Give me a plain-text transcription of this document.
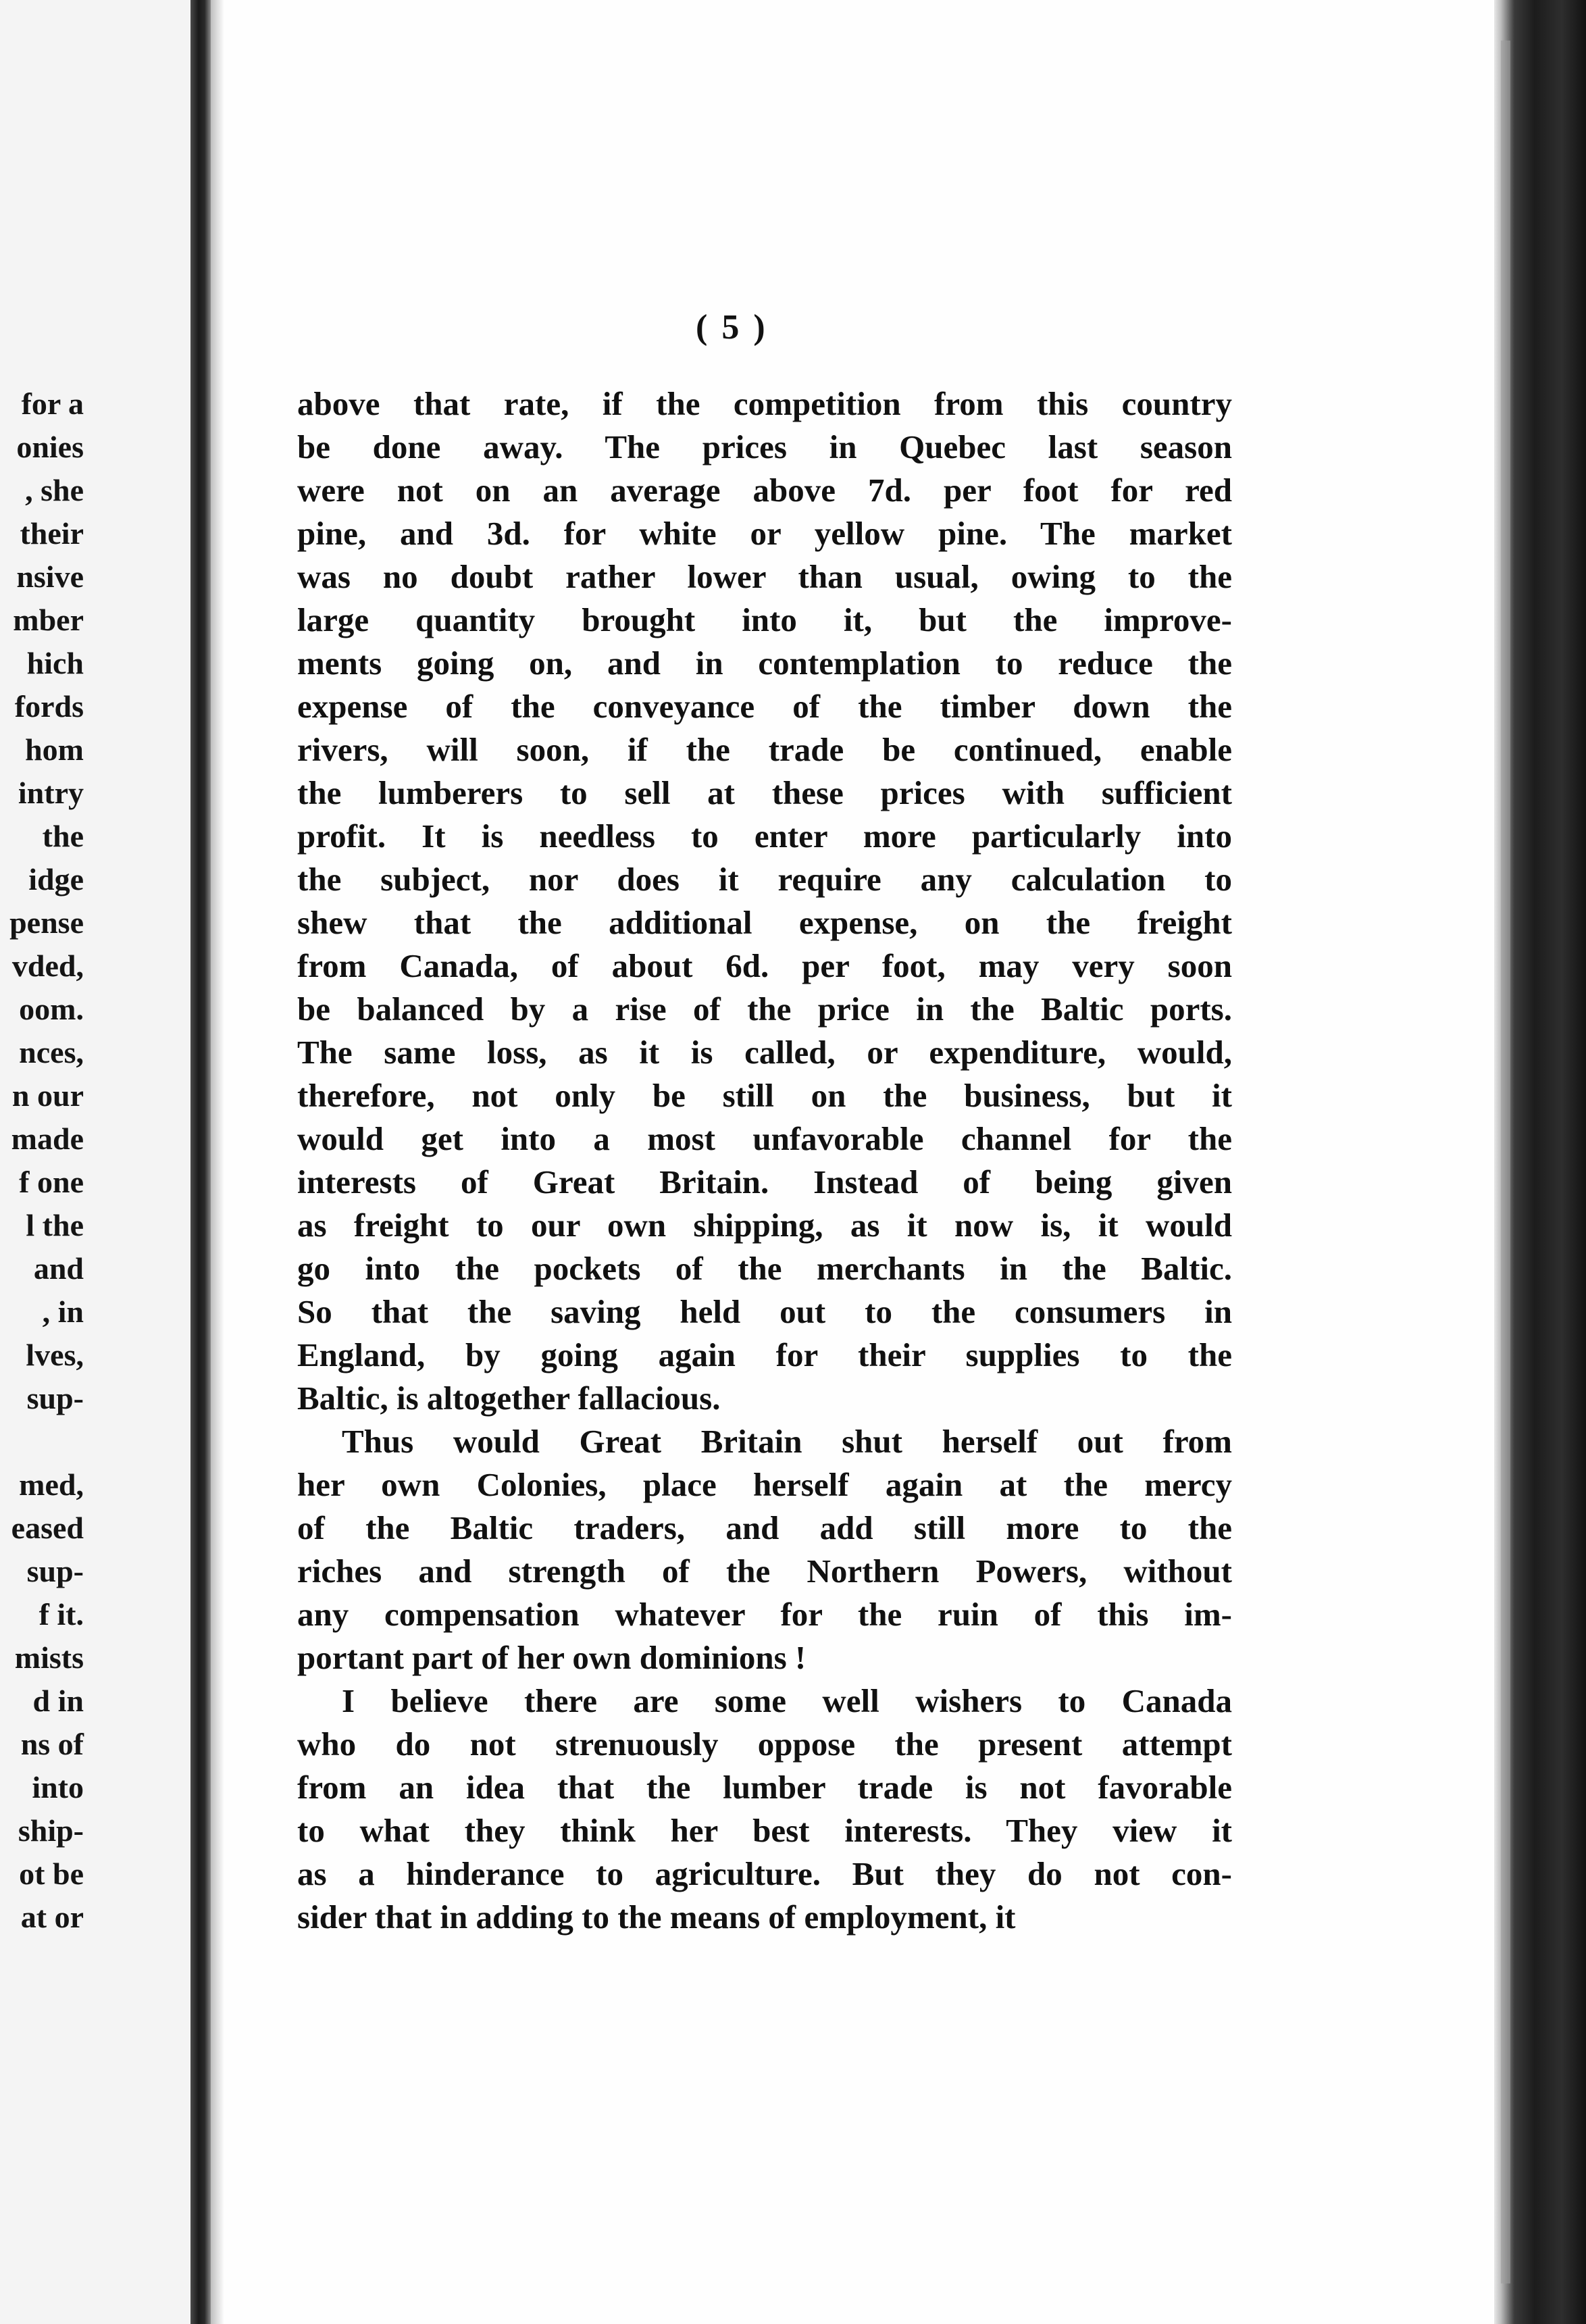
for a
onies
, she
their
nsive
mber
hich
fords
hom
intry
the
idge
pense
vded,
oom.
nces,
n our
made
f one
l the
and
, in
lves,
sup-
med,
eased
sup-
f it.
mists
d in
ns of
into
ship-
ot be
at or
( 5 )
above that rate, if the competition from this country
be done away. The prices in Quebec last season
were not on an average above 7d. per foot for red
pine, and 3d. for white or yellow pine. The market
was no doubt rather lower than usual, owing to the
large quantity brought into it, but the improve-
ments going on, and in contemplation to reduce the
expense of the conveyance of the timber down the
rivers, will soon, if the trade be continued, enable
the lumberers to sell at these prices with sufficient
profit. It is needless to enter more particularly into
the subject, nor does it require any calculation to
shew that the additional expense, on the freight
from Canada, of about 6d. per foot, may very soon
be balanced by a rise of the price in the Baltic ports.
The same loss, as it is called, or expenditure, would,
therefore, not only be still on the business, but it
would get into a most unfavorable channel for the
interests of Great Britain. Instead of being given
as freight to our own shipping, as it now is, it would
go into the pockets of the merchants in the Baltic.
So that the saving held out to the consumers in
England, by going again for their supplies to the
Baltic, is altogether fallacious.
Thus would Great Britain shut herself out from
her own Colonies, place herself again at the mercy
of the Baltic traders, and add still more to the
riches and strength of the Northern Powers, without
any compensation whatever for the ruin of this im-
portant part of her own dominions !
I believe there are some well wishers to Canada
who do not strenuously oppose the present attempt
from an idea that the lumber trade is not favorable
to what they think her best interests. They view it
as a hinderance to agriculture. But they do not con-
sider that in adding to the means of employment, it
